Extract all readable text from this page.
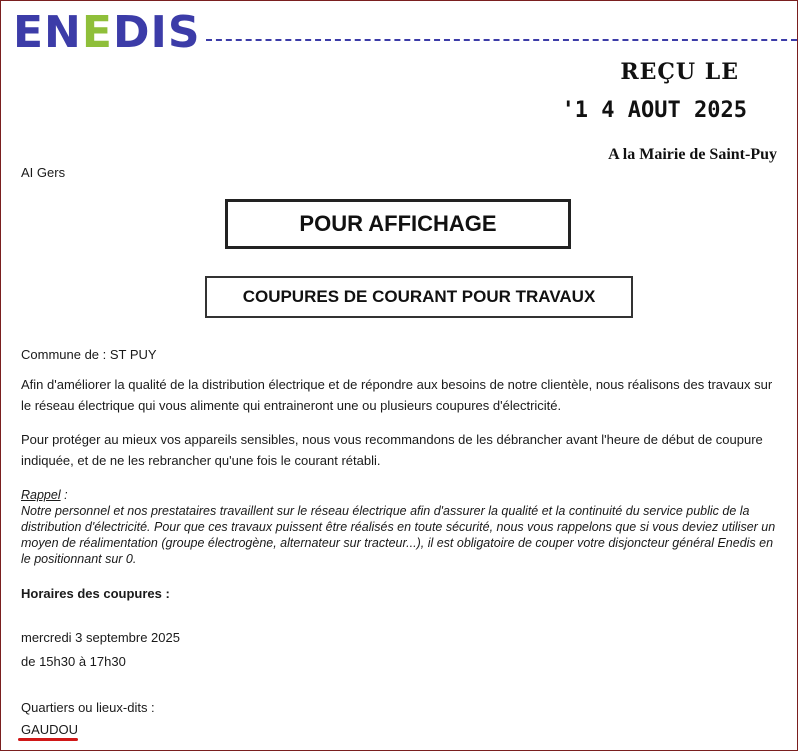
ENEDIS
REÇU LE
'1 4 AOUT 2025
A la Mairie de Saint-Puy
AI Gers
POUR AFFICHAGE
COUPURES DE COURANT POUR TRAVAUX
Commune de : ST PUY
Afin d'améliorer la qualité de la distribution électrique et de répondre aux besoins de notre clientèle, nous réalisons des travaux sur le réseau électrique qui vous alimente qui entraineront une ou plusieurs coupures d'électricité.
Pour protéger au mieux vos appareils sensibles, nous vous recommandons de les débrancher avant l'heure de début de coupure indiquée, et de ne les rebrancher qu'une fois le courant rétabli.
Rappel :
Notre personnel et nos prestataires travaillent sur le réseau électrique afin d'assurer la qualité et la continuité du service public de la distribution d'électricité. Pour que ces travaux puissent être réalisés en toute sécurité, nous vous rappelons que si vous deviez utiliser un moyen de réalimentation (groupe électrogène, alternateur sur tracteur...), il est obligatoire de couper votre disjoncteur général Enedis en le positionnant sur 0.
Horaires des coupures :
mercredi 3 septembre 2025
de 15h30 à 17h30
Quartiers ou lieux-dits :
GAUDOU
